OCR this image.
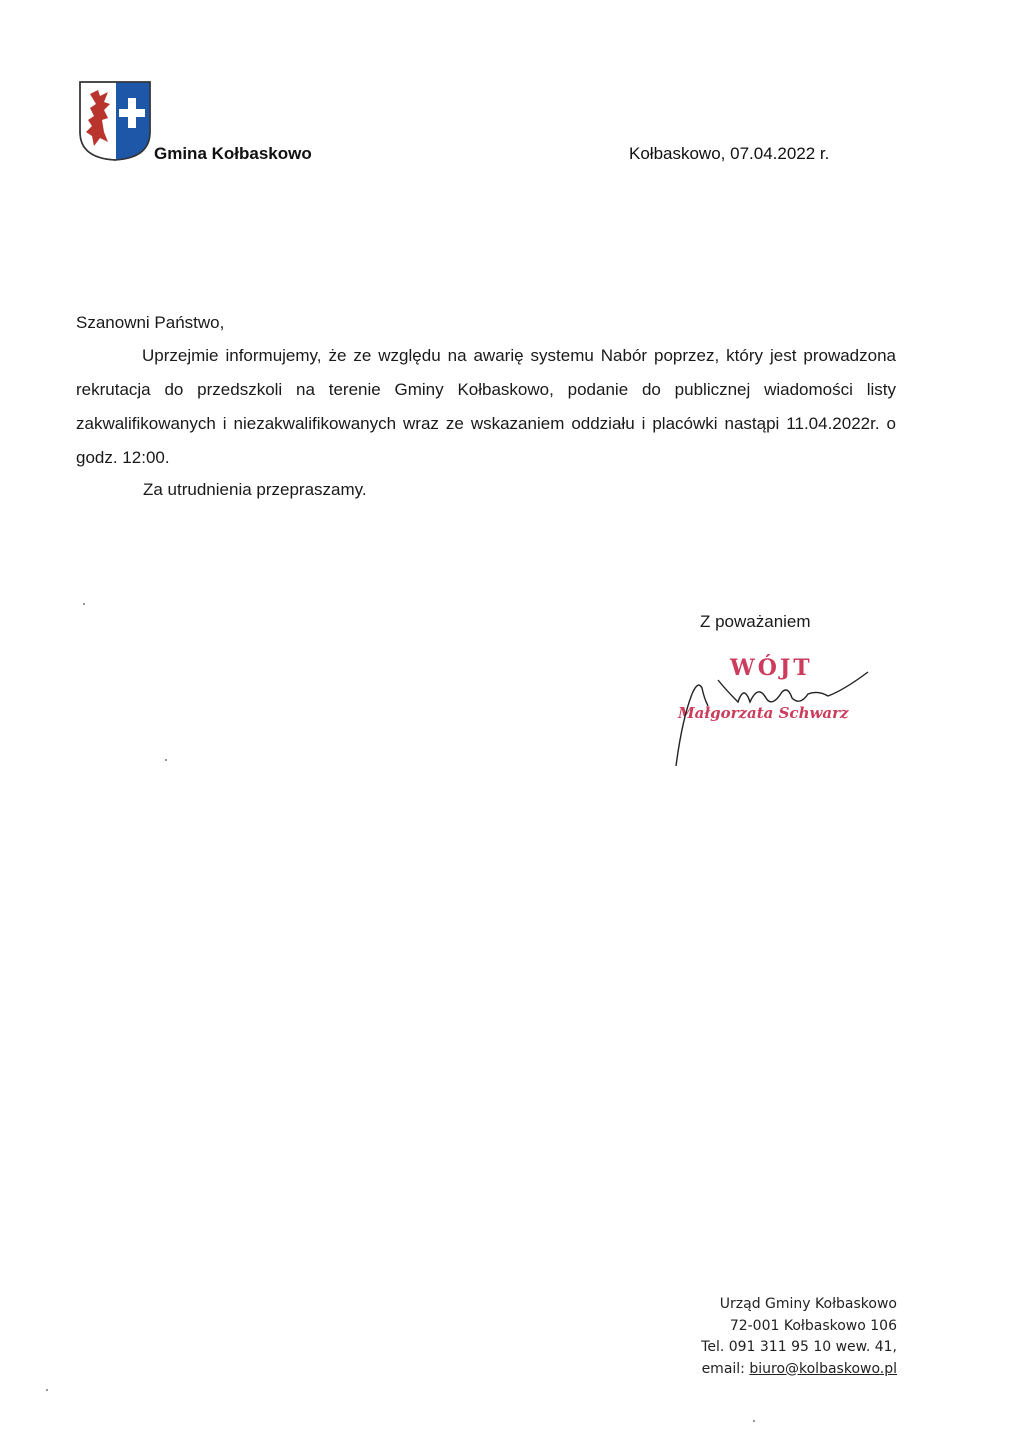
Gmina Kołbaskowo	Kołbaskowo, 07.04.2022 r.
Szanowni Państwo,

Uprzejmie informujemy, że ze względu na awarię systemu Nabór poprzez, który jest prowadzona rekrutacja do przedszkoli na terenie Gminy Kołbaskowo, podanie do publicznej wiadomości listy zakwalifikowanych i niezakwalifikowanych wraz ze wskazaniem oddziału i placówki nastąpi 11.04.2022r. o godz. 12:00.

Za utrudnienia przepraszamy.
Z poważaniem
WÓJT
Małgorzata Schwarz
Urząd Gminy Kołbaskowo
72-001 Kołbaskowo 106
Tel. 091 311 95 10 wew. 41,
email: biuro@kolbaskowo.pl
